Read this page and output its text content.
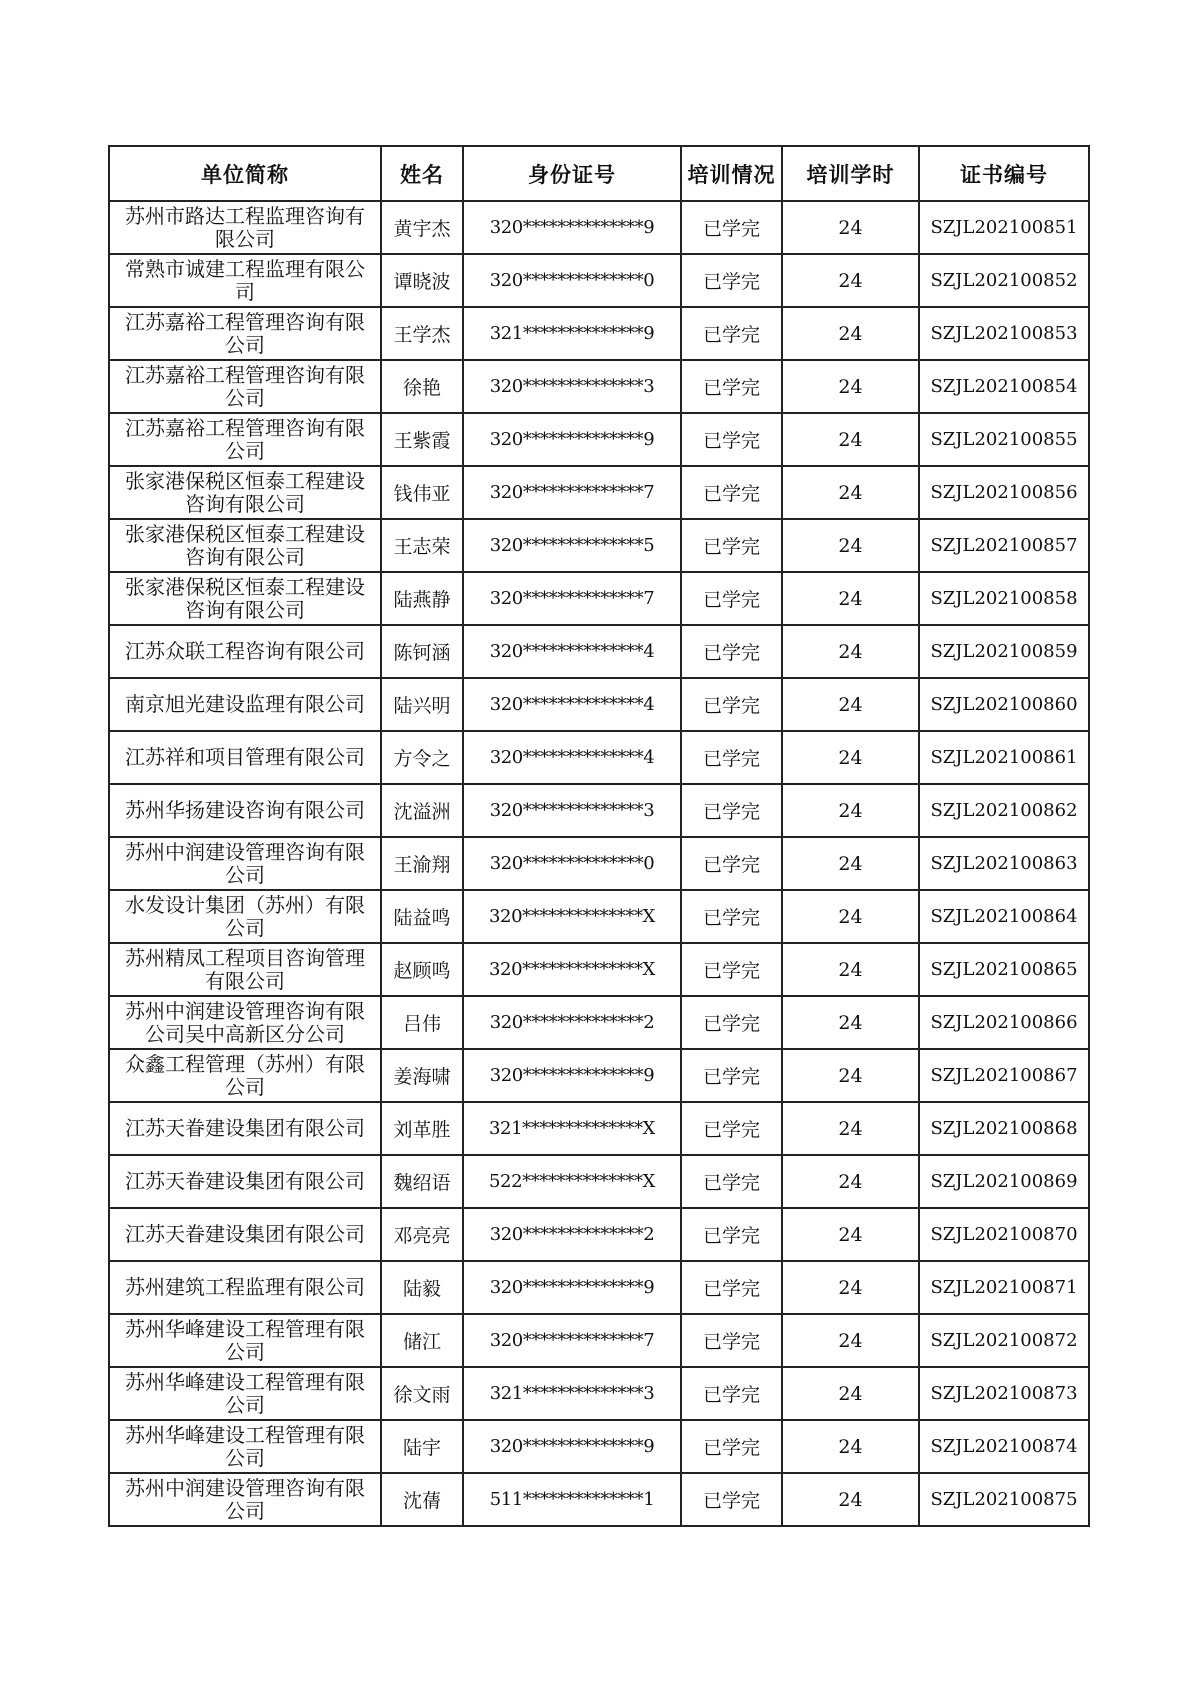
单位简称	姓名	身份证号	培训情况	培训学时	证书编号
苏州市路达工程监理咨询有限公司	黄宇杰	320**************9	已学完	24	SZJL202100851
常熟市诚建工程监理有限公司	谭晓波	320**************0	已学完	24	SZJL202100852
江苏嘉裕工程管理咨询有限公司	王学杰	321**************9	已学完	24	SZJL202100853
江苏嘉裕工程管理咨询有限公司	徐艳	320**************3	已学完	24	SZJL202100854
江苏嘉裕工程管理咨询有限公司	王紫霞	320**************9	已学完	24	SZJL202100855
张家港保税区恒泰工程建设咨询有限公司	钱伟亚	320**************7	已学完	24	SZJL202100856
张家港保税区恒泰工程建设咨询有限公司	王志荣	320**************5	已学完	24	SZJL202100857
张家港保税区恒泰工程建设咨询有限公司	陆燕静	320**************7	已学完	24	SZJL202100858
江苏众联工程咨询有限公司	陈钶涵	320**************4	已学完	24	SZJL202100859
南京旭光建设监理有限公司	陆兴明	320**************4	已学完	24	SZJL202100860
江苏祥和项目管理有限公司	方令之	320**************4	已学完	24	SZJL202100861
苏州华扬建设咨询有限公司	沈溢洲	320**************3	已学完	24	SZJL202100862
苏州中润建设管理咨询有限公司	王渝翔	320**************0	已学完	24	SZJL202100863
水发设计集团（苏州）有限公司	陆益鸣	320**************X	已学完	24	SZJL202100864
苏州精凤工程项目咨询管理有限公司	赵顾鸣	320**************X	已学完	24	SZJL202100865
苏州中润建设管理咨询有限公司吴中高新区分公司	吕伟	320**************2	已学完	24	SZJL202100866
众鑫工程管理（苏州）有限公司	姜海啸	320**************9	已学完	24	SZJL202100867
江苏天眷建设集团有限公司	刘革胜	321**************X	已学完	24	SZJL202100868
江苏天眷建设集团有限公司	魏绍语	522**************X	已学完	24	SZJL202100869
江苏天眷建设集团有限公司	邓亮亮	320**************2	已学完	24	SZJL202100870
苏州建筑工程监理有限公司	陆毅	320**************9	已学完	24	SZJL202100871
苏州华峰建设工程管理有限公司	储江	320**************7	已学完	24	SZJL202100872
苏州华峰建设工程管理有限公司	徐文雨	321**************3	已学完	24	SZJL202100873
苏州华峰建设工程管理有限公司	陆宇	320**************9	已学完	24	SZJL202100874
苏州中润建设管理咨询有限公司	沈蒨	511**************1	已学完	24	SZJL202100875
